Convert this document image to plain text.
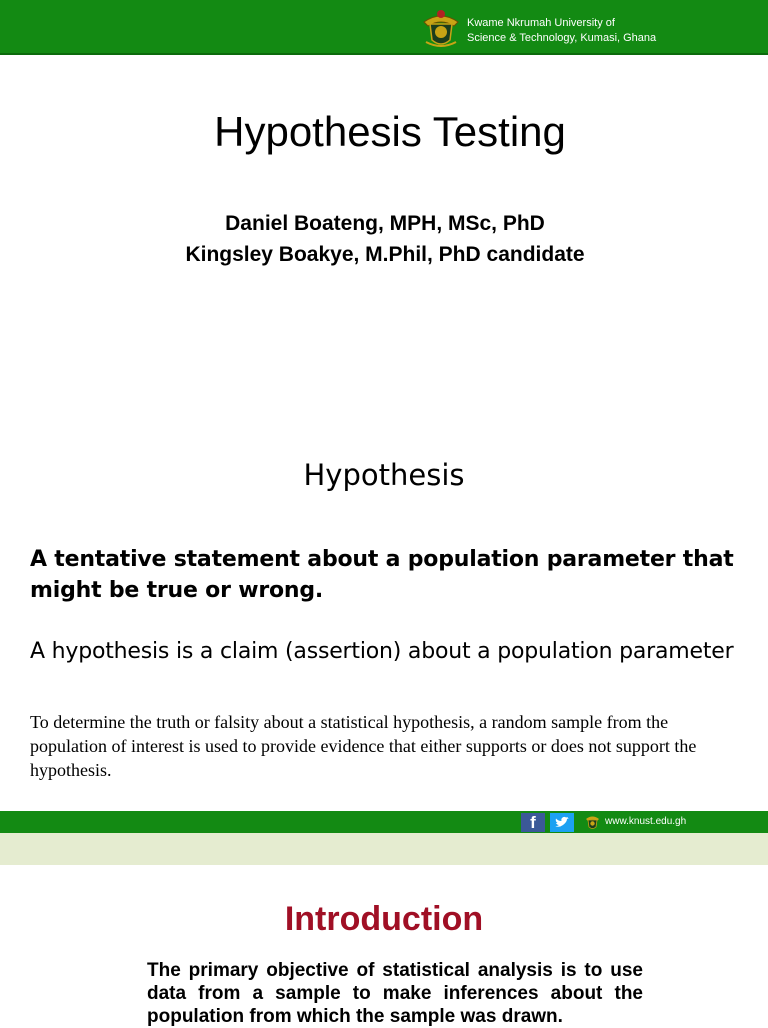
Kwame Nkrumah University of
Science & Technology, Kumasi, Ghana
Hypothesis Testing
Daniel Boateng, MPH, MSc, PhD
Kingsley Boakye, M.Phil, PhD candidate
Hypothesis
A tentative statement about a population parameter that might be true or wrong.
A hypothesis is a claim (assertion) about a population parameter
To determine the truth or falsity about a statistical hypothesis, a random sample from the population of interest is used to provide evidence that either supports or does not support the hypothesis.
f	www.knust.edu.gh
Introduction
The primary objective of statistical analysis is to use data from a sample to make inferences about the population from which the sample was drawn.
